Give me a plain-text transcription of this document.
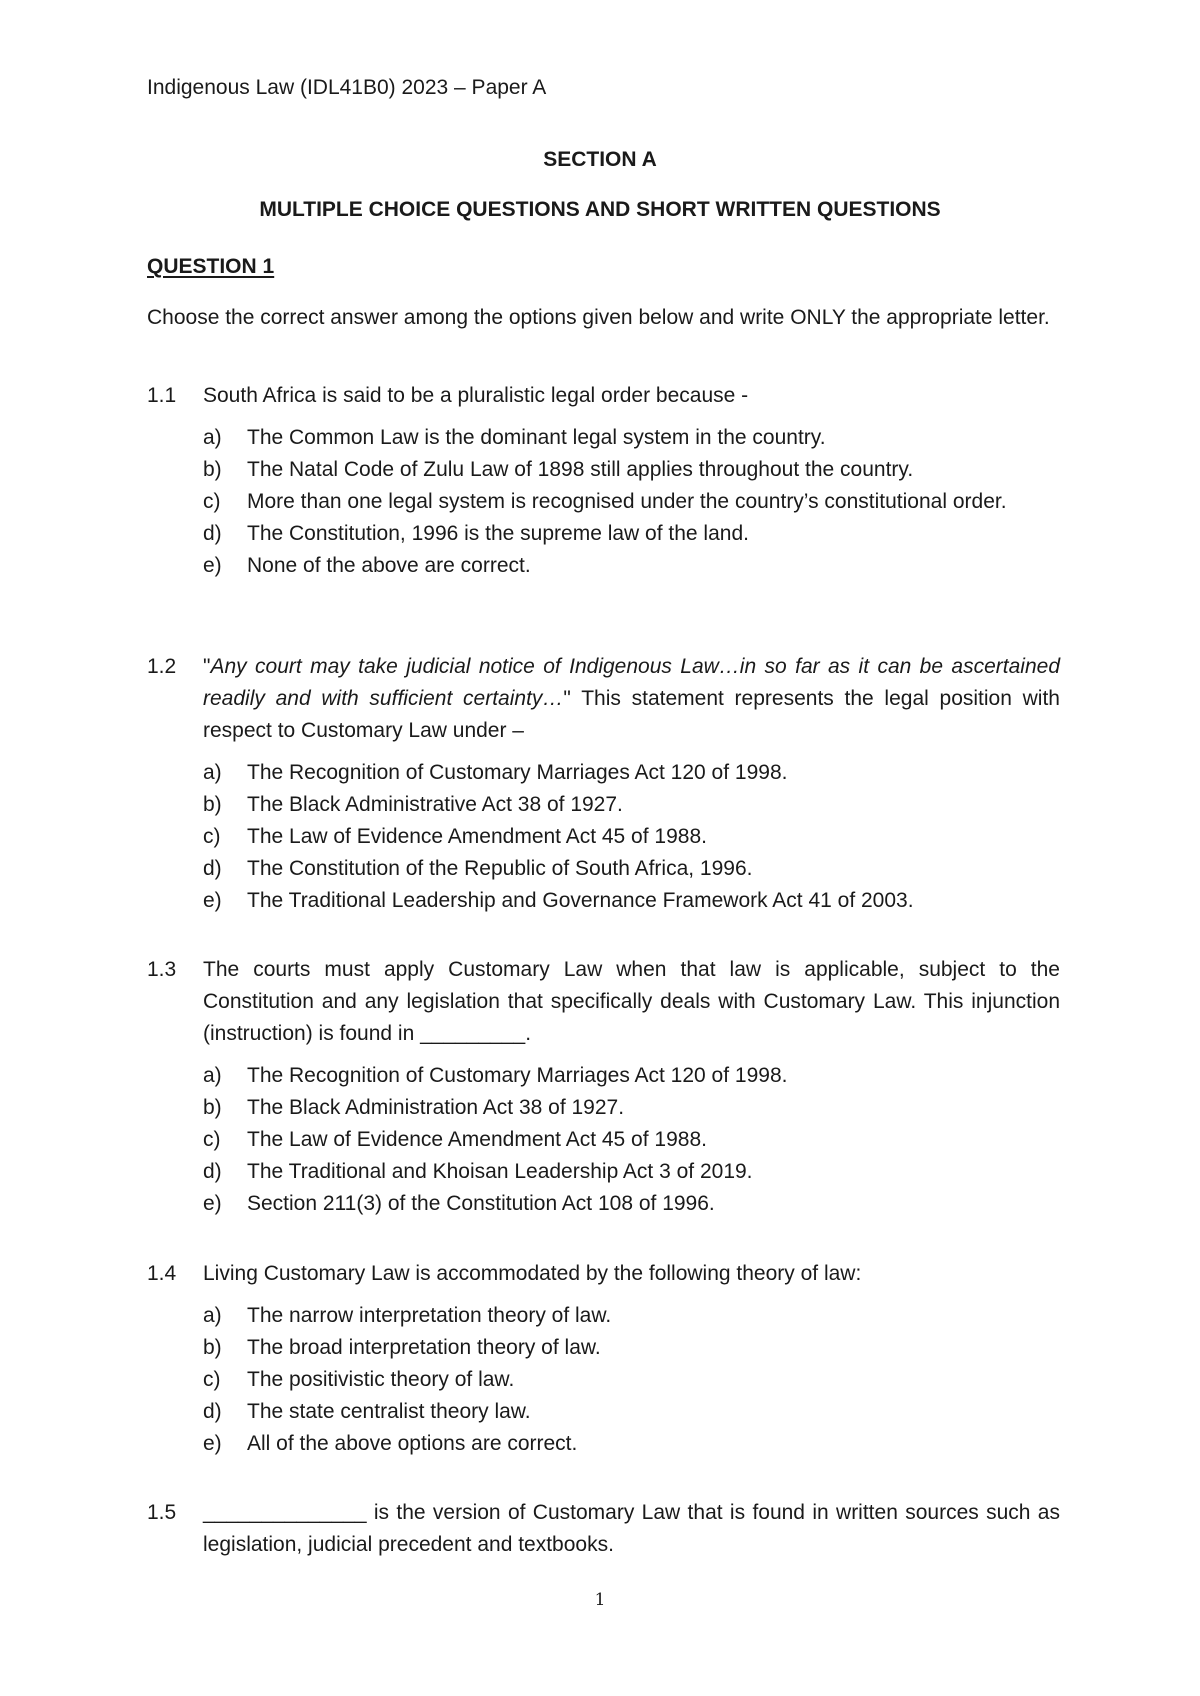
Indigenous Law (IDL41B0) 2023 – Paper A
SECTION A
MULTIPLE CHOICE QUESTIONS AND SHORT WRITTEN QUESTIONS
QUESTION 1
Choose the correct answer among the options given below and write ONLY the appropriate letter.
1.1	South Africa is said to be a pluralistic legal order because -
a)	The Common Law is the dominant legal system in the country.
b)	The Natal Code of Zulu Law of 1898 still applies throughout the country.
c)	More than one legal system is recognised under the country’s constitutional order.
d)	The Constitution, 1996 is the supreme law of the land.
e)	None of the above are correct.
1.2	"Any court may take judicial notice of Indigenous Law…in so far as it can be ascertained readily and with sufficient certainty…" This statement represents the legal position with respect to Customary Law under –
a)	The Recognition of Customary Marriages Act 120 of 1998.
b)	The Black Administrative Act 38 of 1927.
c)	The Law of Evidence Amendment Act 45 of 1988.
d)	The Constitution of the Republic of South Africa, 1996.
e)	The Traditional Leadership and Governance Framework Act 41 of 2003.
1.3	The courts must apply Customary Law when that law is applicable, subject to the Constitution and any legislation that specifically deals with Customary Law. This injunction (instruction) is found in _________.
a)	The Recognition of Customary Marriages Act 120 of 1998.
b)	The Black Administration Act 38 of 1927.
c)	The Law of Evidence Amendment Act 45 of 1988.
d)	The Traditional and Khoisan Leadership Act 3 of 2019.
e)	Section 211(3) of the Constitution Act 108 of 1996.
1.4	Living Customary Law is accommodated by the following theory of law:
a)	The narrow interpretation theory of law.
b)	The broad interpretation theory of law.
c)	The positivistic theory of law.
d)	The state centralist theory law.
e)	All of the above options are correct.
1.5	______________ is the version of Customary Law that is found in written sources such as legislation, judicial precedent and textbooks.
1
